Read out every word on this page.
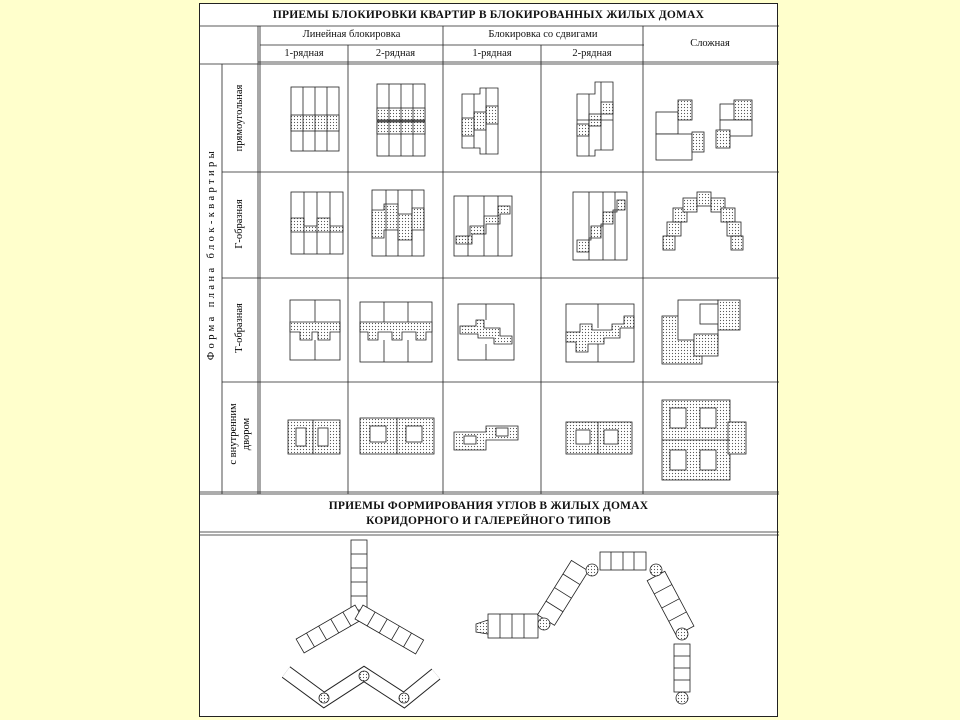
ПРИЕМЫ БЛОКИРОВКИ КВАРТИР В БЛОКИРОВАННЫХ ЖИЛЫХ ДОМАХ
Линейная блокировка	Блокировка со сдвигами
1-рядная	2-рядная	1-рядная	2-рядная
Сложная
Форма плана блок-квартиры
прямоугольная
Г-образная
Т-образная
с внутренним двором
ПРИЕМЫ ФОРМИРОВАНИЯ УГЛОВ В ЖИЛЫХ ДОМАХ
КОРИДОРНОГО И ГАЛЕРЕЙНОГО ТИПОВ
